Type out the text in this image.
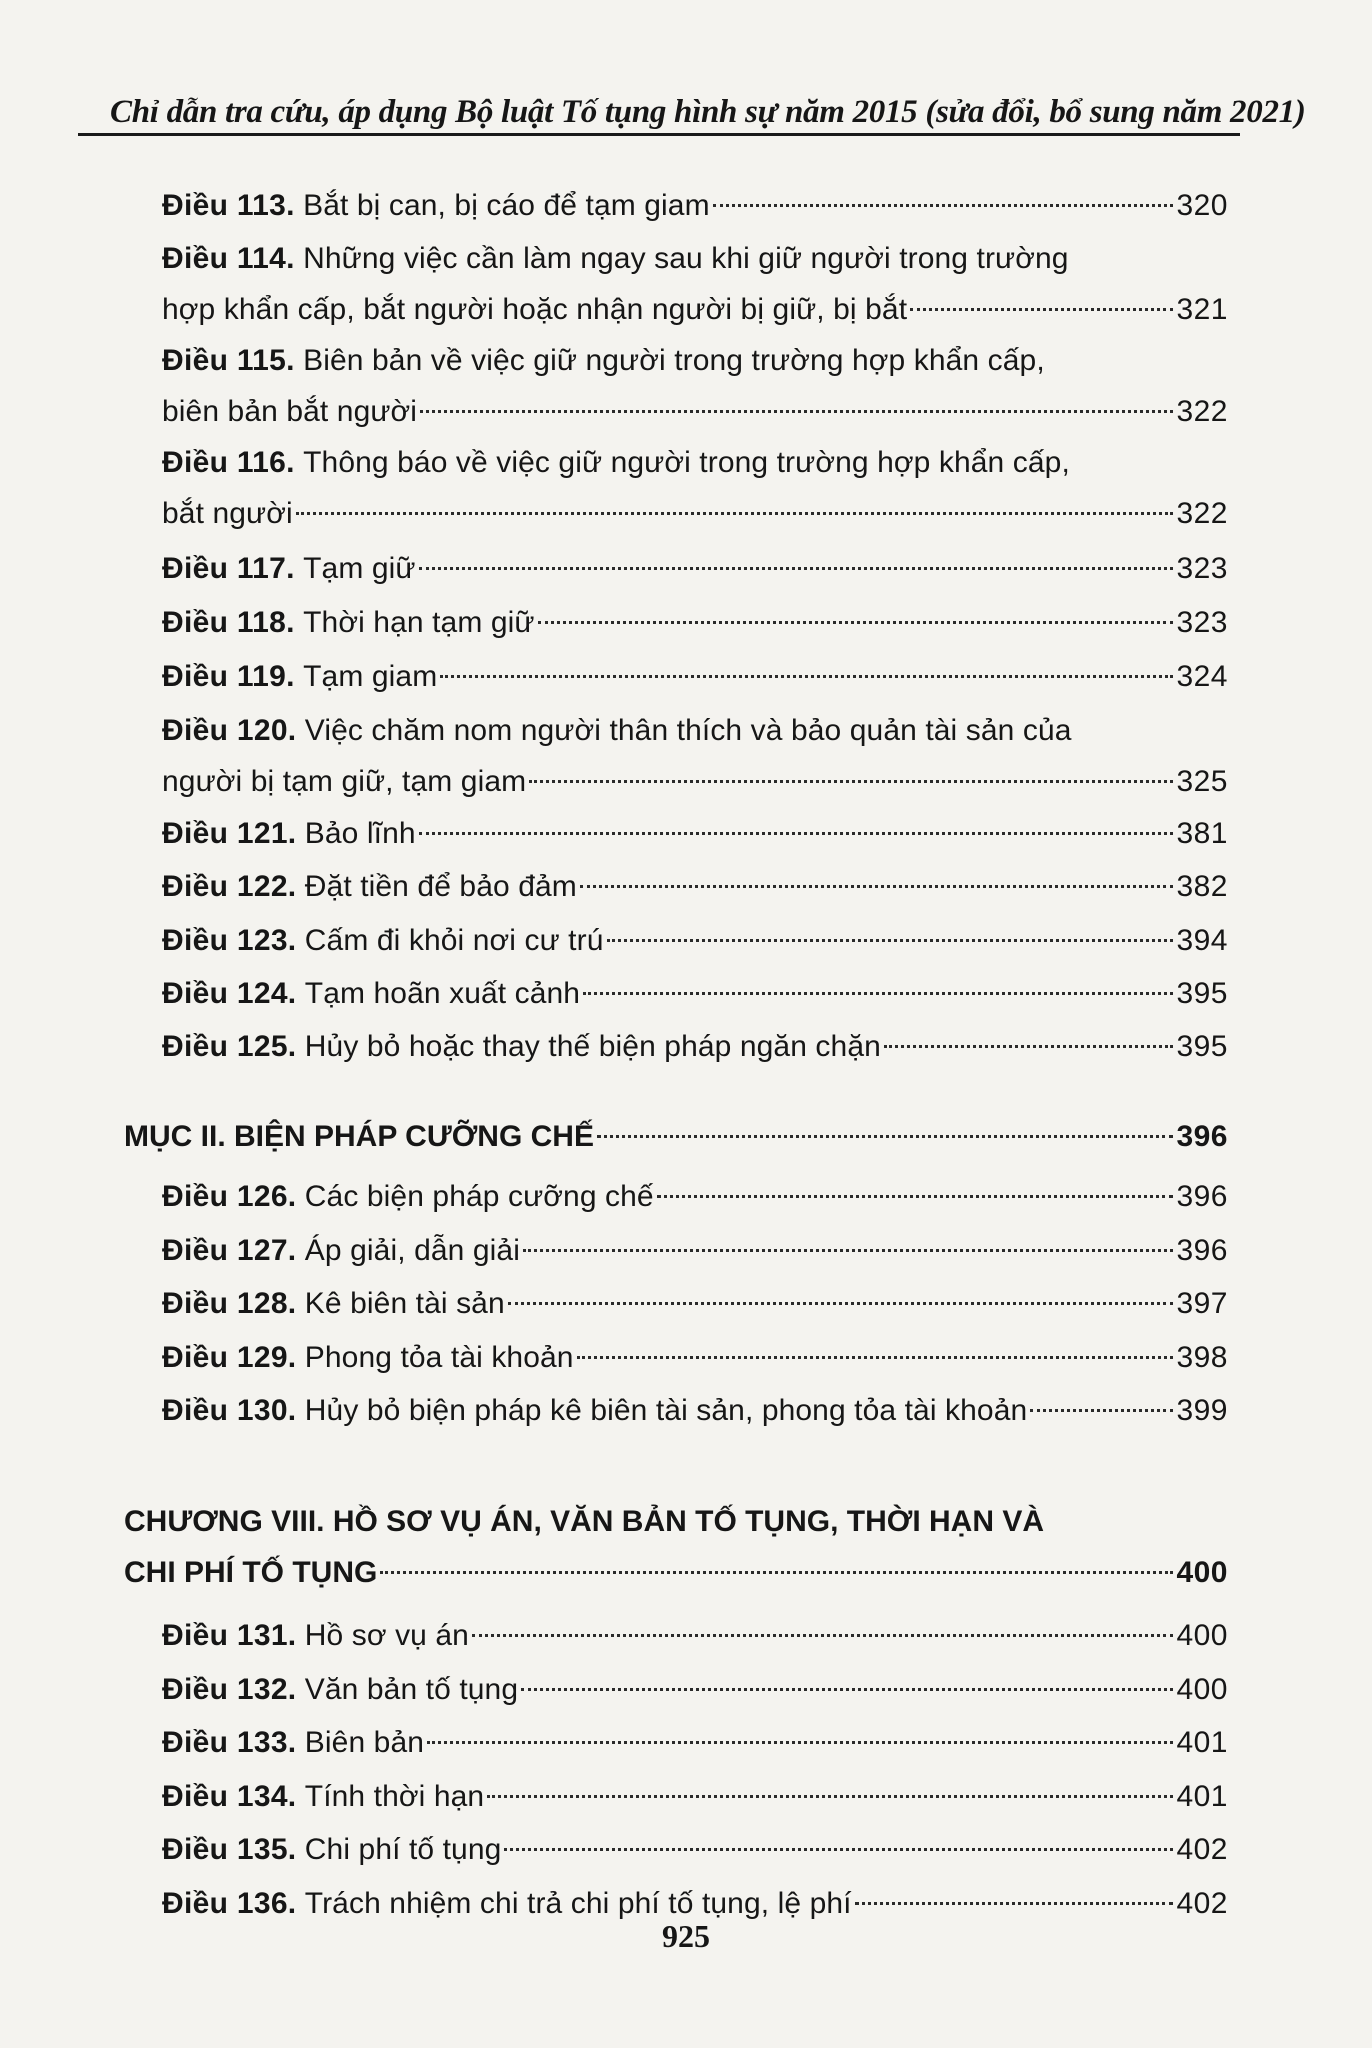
Chỉ dẫn tra cứu, áp dụng Bộ luật Tố tụng hình sự năm 2015 (sửa đổi, bổ sung năm 2021)
Điều 113.
Bắt bị can, bị cáo để tạm giam	320
Điều 114.
Những việc cần làm ngay sau khi giữ người trong trường
hợp khẩn cấp, bắt người hoặc nhận người bị giữ, bị bắt	321
Điều 115.
Biên bản về việc giữ người trong trường hợp khẩn cấp,
biên bản bắt người	322
Điều 116.
Thông báo về việc giữ người trong trường hợp khẩn cấp,
bắt người	322
Điều 117.
Tạm giữ	323
Điều 118.
Thời hạn tạm giữ	323
Điều 119.
Tạm giam	324
Điều 120.
Việc chăm nom người thân thích và bảo quản tài sản của
người bị tạm giữ, tạm giam	325
Điều 121.
Bảo lĩnh	381
Điều 122.
Đặt tiền để bảo đảm	382
Điều 123.
Cấm đi khỏi nơi cư trú	394
Điều 124.
Tạm hoãn xuất cảnh	395
Điều 125.
Hủy bỏ hoặc thay thế biện pháp ngăn chặn	395
MỤC II. BIỆN PHÁP CƯỠNG CHẾ	396
Điều 126.
Các biện pháp cưỡng chế	396
Điều 127.
Áp giải, dẫn giải	396
Điều 128.
Kê biên tài sản	397
Điều 129.
Phong tỏa tài khoản	398
Điều 130.
Hủy bỏ biện pháp kê biên tài sản, phong tỏa tài khoản	399
CHƯƠNG VIII. HỒ SƠ VỤ ÁN, VĂN BẢN TỐ TỤNG, THỜI HẠN VÀ
CHI PHÍ TỐ TỤNG	400
Điều 131.
Hồ sơ vụ án	400
Điều 132.
Văn bản tố tụng	400
Điều 133.
Biên bản	401
Điều 134.
Tính thời hạn	401
Điều 135.
Chi phí tố tụng	402
Điều 136.
Trách nhiệm chi trả chi phí tố tụng, lệ phí	402
925
